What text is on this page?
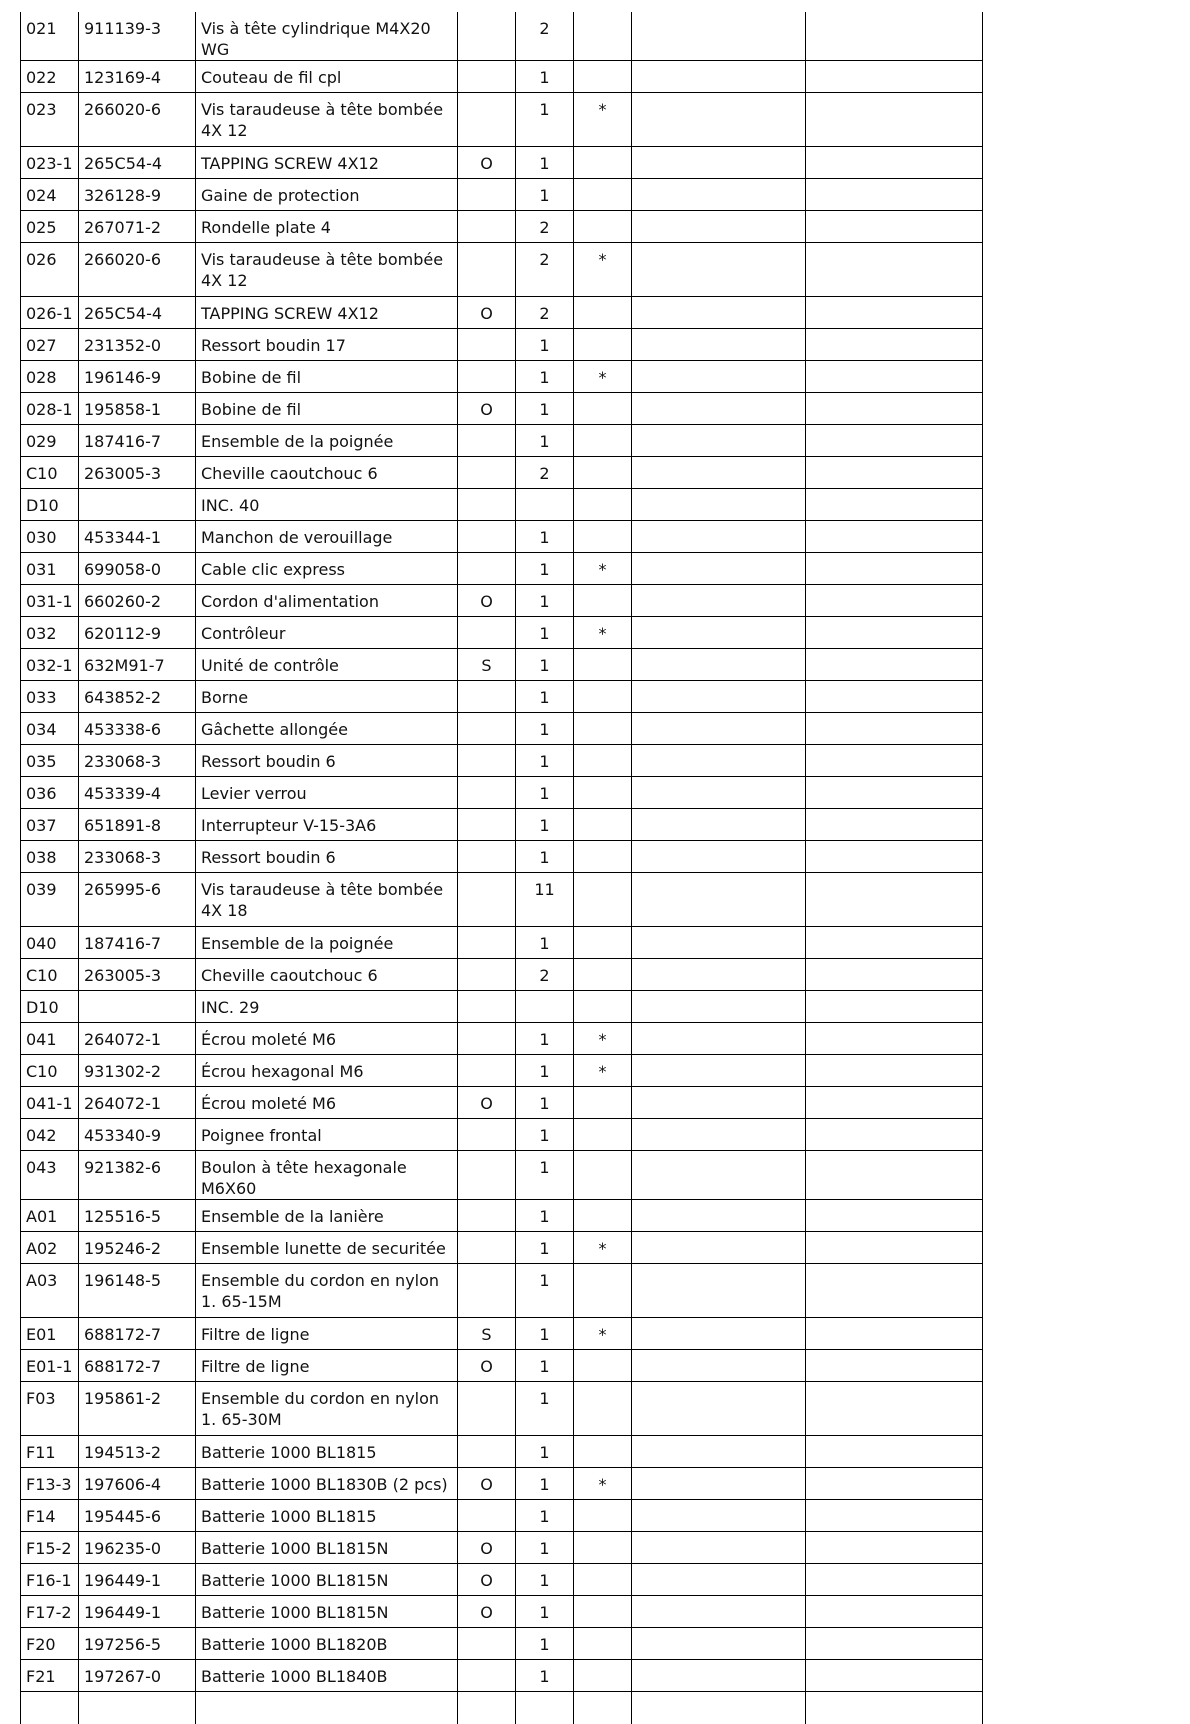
021	911139-3	Vis à tête cylindrique M4X20 WG		2			
022	123169-4	Couteau de fil cpl		1			
023	266020-6	Vis taraudeuse à tête bombée 4X 12		1	*		
023-1	265C54-4	TAPPING SCREW 4X12	O	1			
024	326128-9	Gaine de protection		1			
025	267071-2	Rondelle plate 4		2			
026	266020-6	Vis taraudeuse à tête bombée 4X 12		2	*		
026-1	265C54-4	TAPPING SCREW 4X12	O	2			
027	231352-0	Ressort boudin 17		1			
028	196146-9	Bobine de fil		1	*		
028-1	195858-1	Bobine de fil	O	1			
029	187416-7	Ensemble de la poignée		1			
C10	263005-3	Cheville caoutchouc 6		2			
D10		INC. 40					
030	453344-1	Manchon de verouillage		1			
031	699058-0	Cable clic express		1	*		
031-1	660260-2	Cordon d'alimentation	O	1			
032	620112-9	Contrôleur		1	*		
032-1	632M91-7	Unité de contrôle	S	1			
033	643852-2	Borne		1			
034	453338-6	Gâchette allongée		1			
035	233068-3	Ressort boudin 6		1			
036	453339-4	Levier verrou		1			
037	651891-8	Interrupteur V-15-3A6		1			
038	233068-3	Ressort boudin 6		1			
039	265995-6	Vis taraudeuse à tête bombée 4X 18		11			
040	187416-7	Ensemble de la poignée		1			
C10	263005-3	Cheville caoutchouc 6		2			
D10		INC. 29					
041	264072-1	Écrou moleté M6		1	*		
C10	931302-2	Écrou hexagonal M6		1	*		
041-1	264072-1	Écrou moleté M6	O	1			
042	453340-9	Poignee frontal		1			
043	921382-6	Boulon à tête hexagonale M6X60		1			
A01	125516-5	Ensemble de la lanière		1			
A02	195246-2	Ensemble lunette de securitée		1	*		
A03	196148-5	Ensemble du cordon en nylon 1. 65-15M		1			
E01	688172-7	Filtre de ligne	S	1	*		
E01-1	688172-7	Filtre de ligne	O	1			
F03	195861-2	Ensemble du cordon en nylon 1. 65-30M		1			
F11	194513-2	Batterie 1000 BL1815		1			
F13-3	197606-4	Batterie 1000 BL1830B (2 pcs)	O	1	*		
F14	195445-6	Batterie 1000 BL1815		1			
F15-2	196235-0	Batterie 1000 BL1815N	O	1			
F16-1	196449-1	Batterie 1000 BL1815N	O	1			
F17-2	196449-1	Batterie 1000 BL1815N	O	1			
F20	197256-5	Batterie 1000 BL1820B		1			
F21	197267-0	Batterie 1000 BL1840B		1			
